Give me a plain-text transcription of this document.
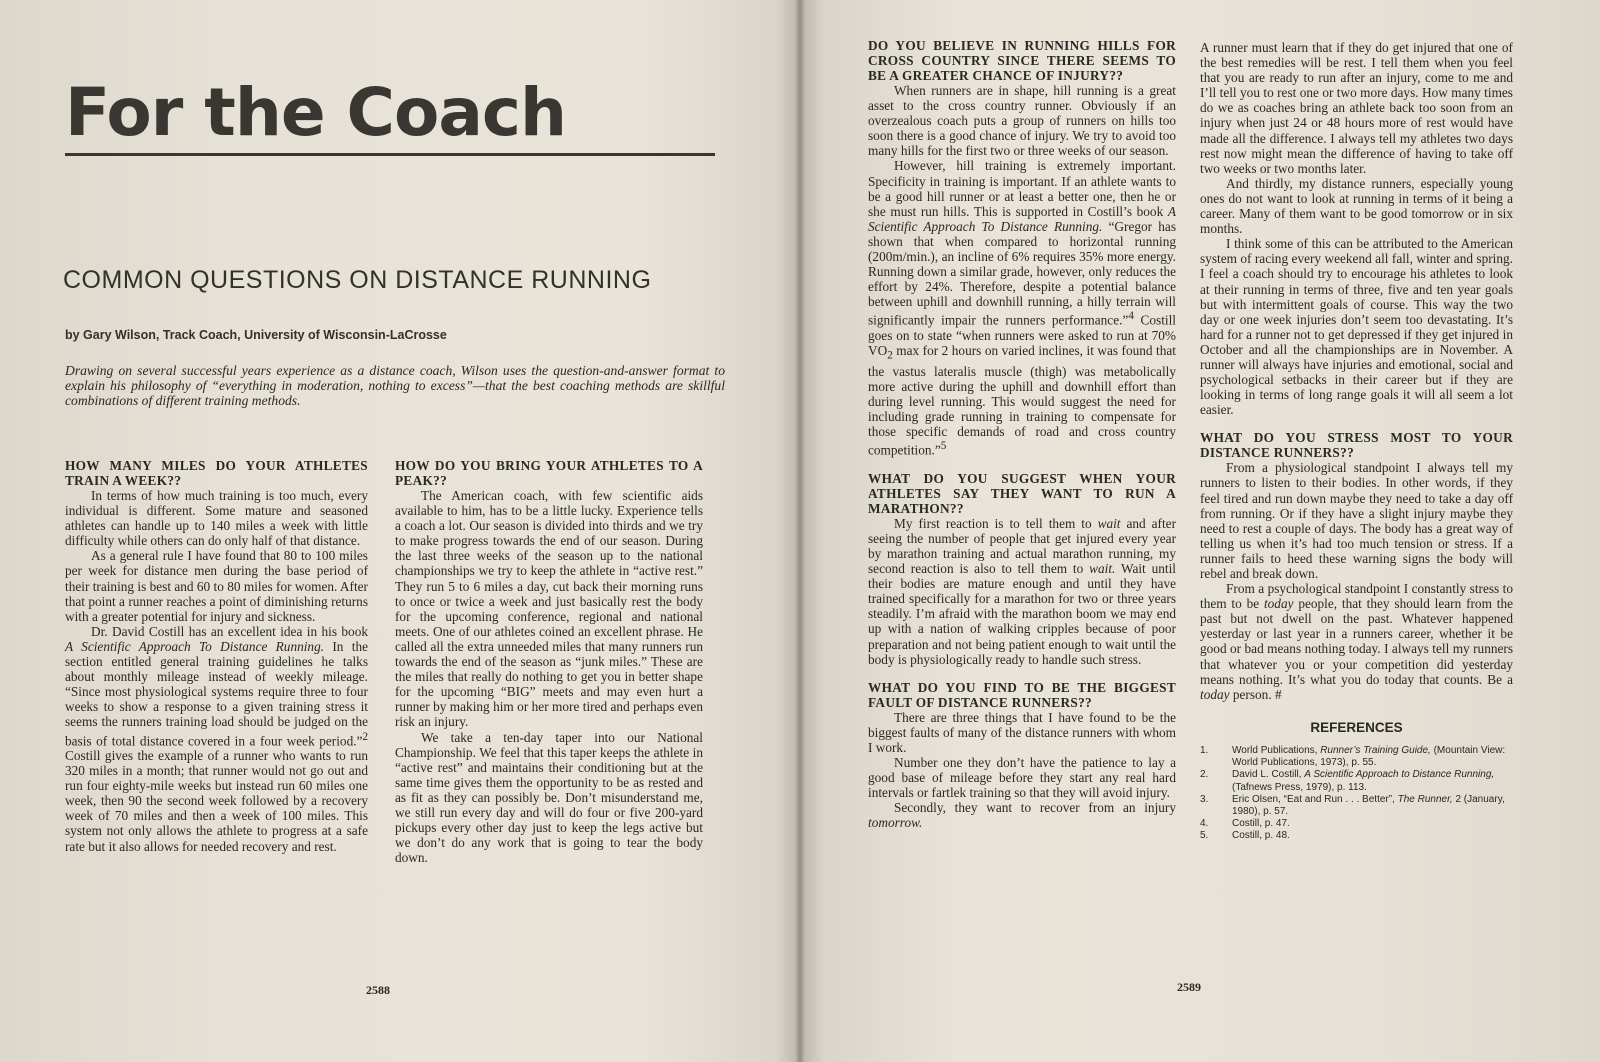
For the Coach
COMMON QUESTIONS ON DISTANCE RUNNING
by Gary Wilson, Track Coach, University of Wisconsin-LaCrosse

Drawing on several successful years experience as a distance coach, Wilson uses the question-and-answer format to explain his philosophy of “everything in moderation, nothing to excess”—that the best coaching methods are skillful combinations of different training methods.

HOW MANY MILES DO YOUR ATHLETES TRAIN A WEEK??

In terms of how much training is too much, every individual is different. Some mature and seasoned athletes can handle up to 140 miles a week with little difficulty while others can do only half of that distance.

As a general rule I have found that 80 to 100 miles per week for distance men during the base period of their training is best and 60 to 80 miles for women. After that point a runner reaches a point of diminishing returns with a greater potential for injury and sickness.

Dr. David Costill has an excellent idea in his book A Scientific Approach To Distance Running. In the section entitled general training guidelines he talks about monthly mileage instead of weekly mileage. “Since most physiological systems require three to four weeks to show a response to a given training stress it seems the runners training load should be judged on the basis of total distance covered in a four week period.”$^2$ Costill gives the example of a runner who wants to run 320 miles in a month; that runner would not go out and run four eighty-mile weeks but instead run 60 miles one week, then 90 the second week followed by a recovery week of 70 miles and then a week of 100 miles. This system not only allows the athlete to progress at a safe rate but it also allows for needed recovery and rest.

HOW DO YOU BRING YOUR ATHLETES TO A PEAK??

The American coach, with few scientific aids available to him, has to be a little lucky. Experience tells a coach a lot. Our season is divided into thirds and we try to make progress towards the end of our season. During the last three weeks of the season up to the national championships we try to keep the athlete in “active rest.” They run 5 to 6 miles a day, cut back their morning runs to once or twice a week and just basically rest the body for the upcoming conference, regional and national meets. One of our athletes coined an excellent phrase. He called all the extra unneeded miles that many runners run towards the end of the season as “junk miles.” These are the miles that really do nothing to get you in better shape for the upcoming “BIG” meets and may even hurt a runner by making him or her more tired and perhaps even risk an injury.

We take a ten-day taper into our National Championship. We feel that this taper keeps the athlete in “active rest” and maintains their conditioning but at the same time gives them the opportunity to be as rested and as fit as they can possibly be. Don’t misunderstand me, we still run every day and will do four or five 200-yard pickups every other day just to keep the legs active but we don’t do any work that is going to tear the body down.

2588
DO YOU BELIEVE IN RUNNING HILLS FOR CROSS COUNTRY SINCE THERE SEEMS TO BE A GREATER CHANCE OF INJURY??

When runners are in shape, hill running is a great asset to the cross country runner. Obviously if an overzealous coach puts a group of runners on hills too soon there is a good chance of injury. We try to avoid too many hills for the first two or three weeks of our season.

However, hill training is extremely important. Specificity in training is important. If an athlete wants to be a good hill runner or at least a better one, then he or she must run hills. This is supported in Costill’s book A Scientific Approach To Distance Running. “Gregor has shown that when compared to horizontal running (200m/min.), an incline of 6% requires 35% more energy. Running down a similar grade, however, only reduces the effort by 24%. Therefore, despite a potential balance between uphill and downhill running, a hilly terrain will significantly impair the runners performance.”$^4$ Costill goes on to state “when runners were asked to run at 70% $VO_2$ max for 2 hours on varied inclines, it was found that the vastus lateralis muscle (thigh) was metabolically more active during the uphill and downhill effort than during level running. This would suggest the need for including grade running in training to compensate for those specific demands of road and cross country competition.”$^5$

WHAT DO YOU SUGGEST WHEN YOUR ATHLETES SAY THEY WANT TO RUN A MARATHON??

My first reaction is to tell them to wait and after seeing the number of people that get injured every year by marathon training and actual marathon running, my second reaction is also to tell them to wait. Wait until their bodies are mature enough and until they have trained specifically for a marathon for two or three years steadily. I’m afraid with the marathon boom we may end up with a nation of walking cripples because of poor preparation and not being patient enough to wait until the body is physiologically ready to handle such stress.

WHAT DO YOU FIND TO BE THE BIGGEST FAULT OF DISTANCE RUNNERS??

There are three things that I have found to be the biggest faults of many of the distance runners with whom I work.

Number one they don’t have the patience to lay a good base of mileage before they start any real hard intervals or fartlek training so that they will avoid injury.

Secondly, they want to recover from an injury tomorrow.

A runner must learn that if they do get injured that one of the best remedies will be rest. I tell them when you feel that you are ready to run after an injury, come to me and I’ll tell you to rest one or two more days. How many times do we as coaches bring an athlete back too soon from an injury when just 24 or 48 hours more of rest would have made all the difference. I always tell my athletes two days rest now might mean the difference of having to take off two weeks or two months later.

And thirdly, my distance runners, especially young ones do not want to look at running in terms of it being a career. Many of them want to be good tomorrow or in six months.

I think some of this can be attributed to the American system of racing every weekend all fall, winter and spring. I feel a coach should try to encourage his athletes to look at their running in terms of three, five and ten year goals but with intermittent goals of course. This way the two day or one week injuries don’t seem too devastating. It’s hard for a runner not to get depressed if they get injured in October and all the championships are in November. A runner will always have injuries and emotional, social and psychological setbacks in their career but if they are looking in terms of long range goals it will all seem a lot easier.

WHAT DO YOU STRESS MOST TO YOUR DISTANCE RUNNERS??

From a physiological standpoint I always tell my runners to listen to their bodies. In other words, if they feel tired and run down maybe they need to take a day off from running. Or if they have a slight injury maybe they need to rest a couple of days. The body has a great way of telling us when it’s had too much tension or stress. If a runner fails to heed these warning signs the body will rebel and break down.

From a psychological standpoint I constantly stress to them to be today people, that they should learn from the past but not dwell on the past. Whatever happened yesterday or last year in a runners career, whether it be good or bad means nothing today. I always tell my runners that whatever you or your competition did yesterday means nothing. It’s what you do today that counts. Be a today person. #

REFERENCES
1.	World Publications, Runner’s Training Guide, (Mountain View: World Publications, 1973), p. 55.
2.	David L. Costill, A Scientific Approach to Distance Running, (Tafnews Press, 1979), p. 113.
3.	Eric Olsen, “Eat and Run . . . Better”, The Runner, 2 (January, 1980), p. 57.
4.	Costill, p. 47.
5.	Costill, p. 48.
2589
